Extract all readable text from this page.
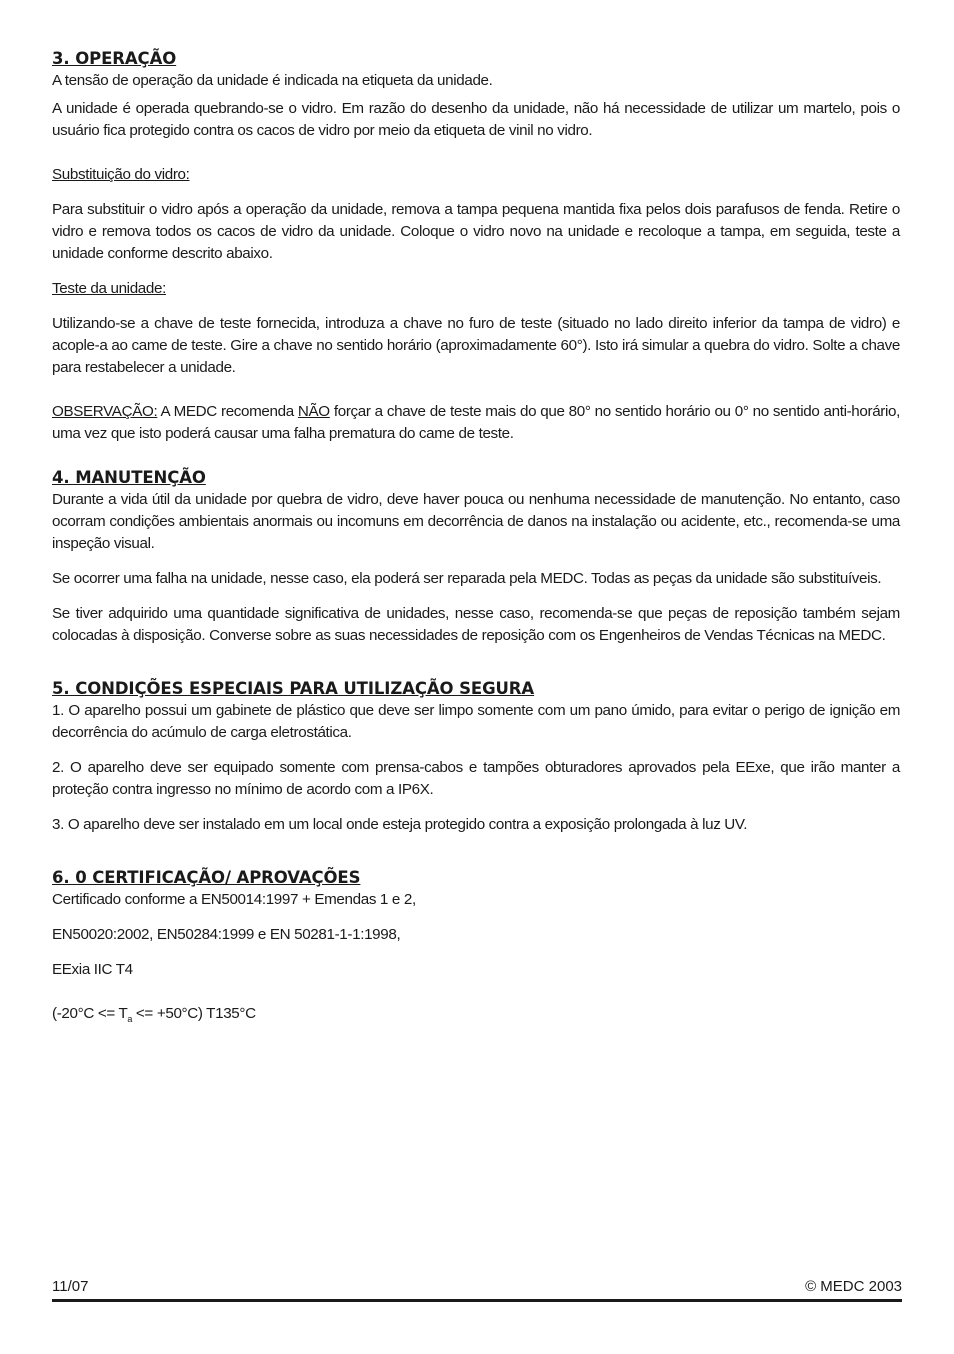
3. OPERAÇÃO

A tensão de operação da unidade é indicada na etiqueta da unidade.

A unidade é operada quebrando-se o vidro. Em razão do desenho da unidade, não há necessidade de utilizar um martelo, pois o usuário fica protegido contra os cacos de vidro por meio da etiqueta de vinil no vidro.

Substituição do vidro:

Para substituir o vidro após a operação da unidade, remova a tampa pequena mantida fixa pelos dois parafusos de fenda. Retire o vidro e remova todos os cacos de vidro da unidade. Coloque o vidro novo na unidade e recoloque a tampa, em seguida, teste a unidade conforme descrito abaixo.

Teste da unidade:

Utilizando-se a chave de teste fornecida, introduza a chave no furo de teste (situado no lado direito inferior da tampa de vidro) e acople-a ao came de teste. Gire a chave no sentido horário (aproximadamente 60°). Isto irá simular a quebra do vidro. Solte a chave para restabelecer a unidade.

OBSERVAÇÃO: A MEDC recomenda NÃO forçar a chave de teste mais do que 80° no sentido horário ou 0° no sentido anti-horário, uma vez que isto poderá causar uma falha prematura do came de teste.

4. MANUTENÇÃO

Durante a vida útil da unidade por quebra de vidro, deve haver pouca ou nenhuma necessidade de manutenção. No entanto, caso ocorram condições ambientais anormais ou incomuns em decorrência de danos na instalação ou acidente, etc., recomenda-se uma inspeção visual.

Se ocorrer uma falha na unidade, nesse caso, ela poderá ser reparada pela MEDC. Todas as peças da unidade são substituíveis.

Se tiver adquirido uma quantidade significativa de unidades, nesse caso, recomenda-se que peças de reposição também sejam colocadas à disposição. Converse sobre as suas necessidades de reposição com os Engenheiros de Vendas Técnicas na MEDC.

5. CONDIÇÕES ESPECIAIS PARA UTILIZAÇÃO SEGURA

1. O aparelho possui um gabinete de plástico que deve ser limpo somente com um pano úmido, para evitar o perigo de ignição em decorrência do acúmulo de carga eletrostática.

2. O aparelho deve ser equipado somente com prensa-cabos e tampões obturadores aprovados pela EExe, que irão manter a proteção contra ingresso no mínimo de acordo com a IP6X.

3. O aparelho deve ser instalado em um local onde esteja protegido contra a exposição prolongada à luz UV.

6. 0 CERTIFICAÇÃO/ APROVAÇÕES

Certificado conforme a EN50014:1997 + Emendas 1 e 2,

EN50020:2002, EN50284:1999 e EN 50281-1-1:1998,

EExia IIC T4

$(-20^\circ C <= T_a <= +50^\circ C)$ T135°C

11/07	© MEDC 2003
